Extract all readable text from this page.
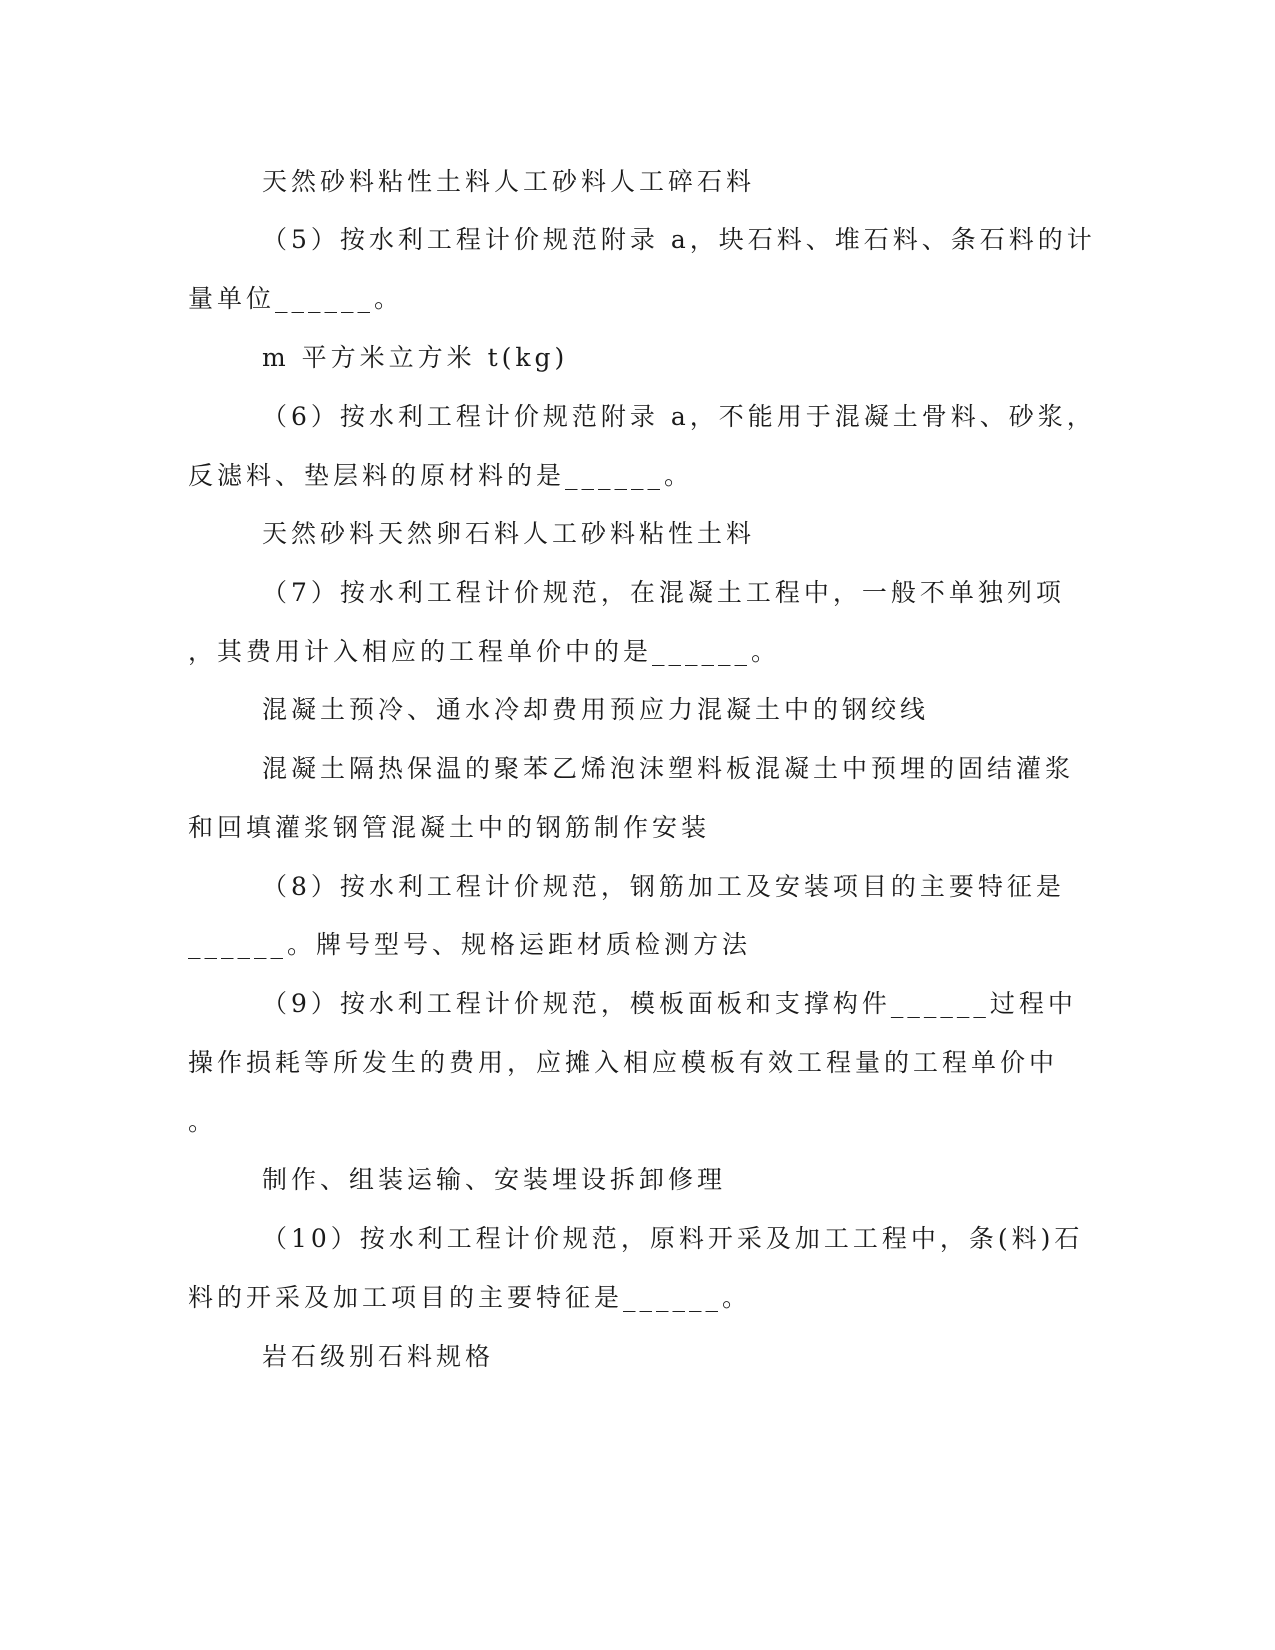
天然砂料粘性土料人工砂料人工碎石料
（5）按水利工程计价规范附录 a，块石料、堆石料、条石料的计
量单位______。
m 平方米立方米 t(kg)
（6）按水利工程计价规范附录 a，不能用于混凝土骨料、砂浆，
反滤料、垫层料的原材料的是______。
天然砂料天然卵石料人工砂料粘性土料
（7）按水利工程计价规范，在混凝土工程中，一般不单独列项
，其费用计入相应的工程单价中的是______。
混凝土预冷、通水冷却费用预应力混凝土中的钢绞线
混凝土隔热保温的聚苯乙烯泡沫塑料板混凝土中预埋的固结灌浆
和回填灌浆钢管混凝土中的钢筋制作安装
（8）按水利工程计价规范，钢筋加工及安装项目的主要特征是
______。牌号型号、规格运距材质检测方法
（9）按水利工程计价规范，模板面板和支撑构件______过程中
操作损耗等所发生的费用，应摊入相应模板有效工程量的工程单价中
。
制作、组装运输、安装埋设拆卸修理
（10）按水利工程计价规范，原料开采及加工工程中，条(料)石
料的开采及加工项目的主要特征是______。
岩石级别石料规格
